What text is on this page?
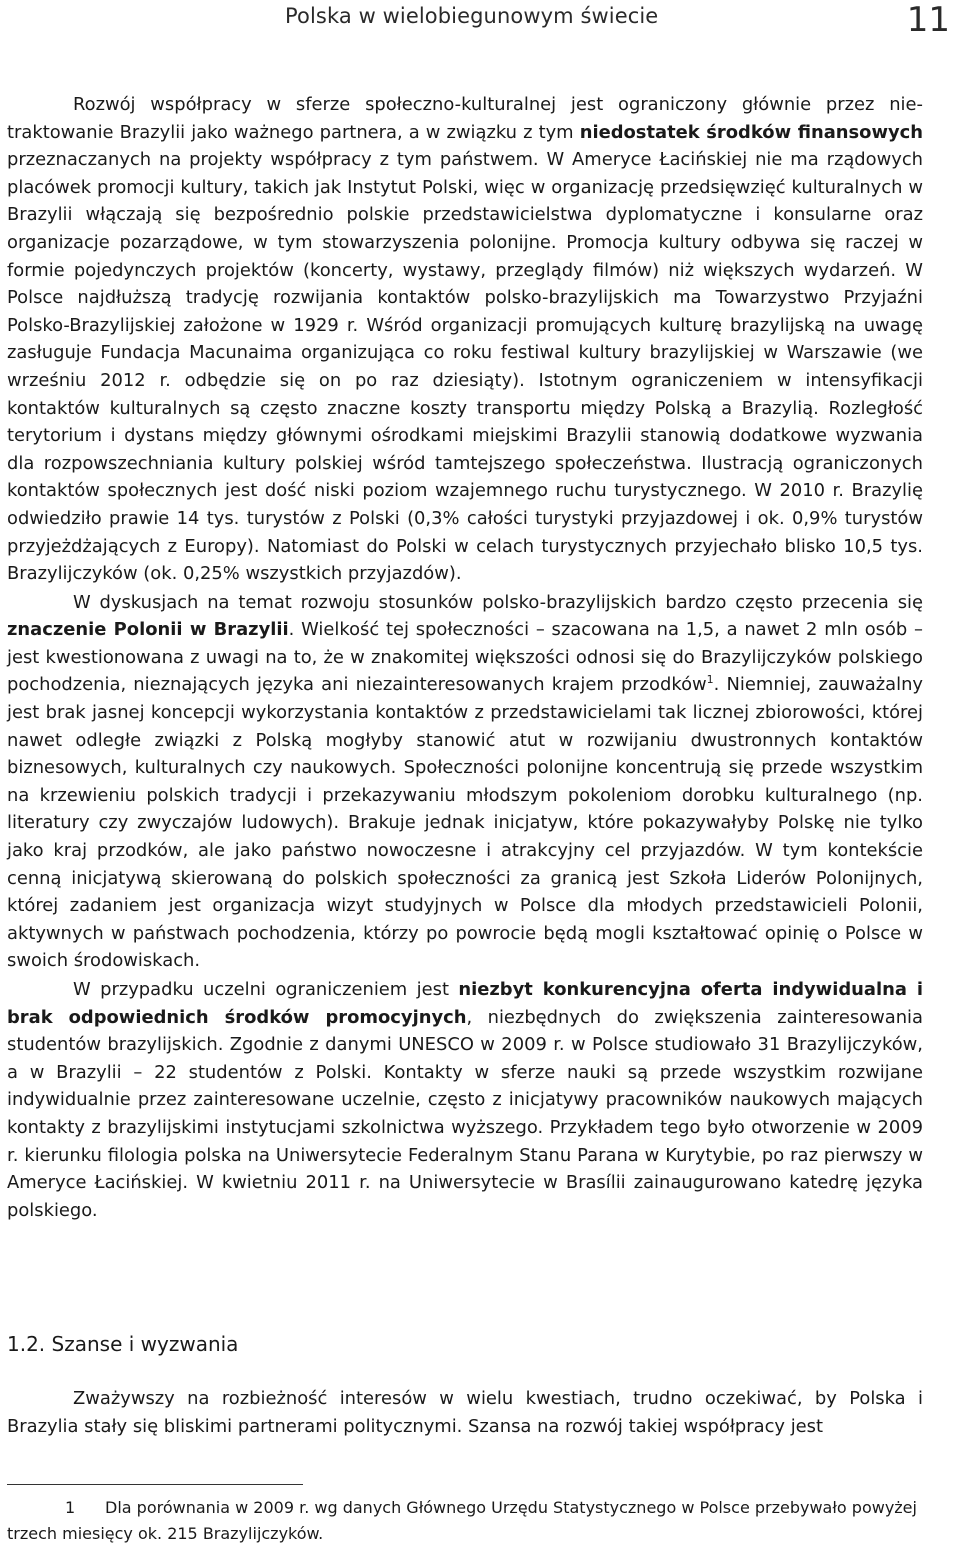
Polska w wielobiegunowym świecie	11

Rozwój współpracy w sferze społeczno-kulturalnej jest ograniczony głównie przez nietraktowanie Brazylii jako ważnego partnera, a w związku z tym niedostatek środków finansowych przeznaczanych na projekty współpracy z tym państwem. W Ameryce Łacińskiej nie ma rządowych placówek promocji kultury, takich jak Instytut Polski, więc w organizację przedsięwzięć kulturalnych w Brazylii włączają się bezpośrednio polskie przedstawicielstwa dyplomatyczne i konsularne oraz organizacje pozarządowe, w tym stowarzyszenia polonijne. Promocja kultury odbywa się raczej w formie pojedynczych projektów (koncerty, wystawy, przeglądy filmów) niż większych wydarzeń. W Polsce najdłuższą tradycję rozwijania kontaktów polsko-brazylijskich ma Towarzystwo Przyjaźni Polsko-Brazylijskiej założone w 1929 r. Wśród organizacji promujących kulturę brazylijską na uwagę zasługuje Fundacja Macunaima organizująca co roku festiwal kultury brazylijskiej w Warszawie (we wrześniu 2012 r. odbędzie się on po raz dziesiąty). Istotnym ograniczeniem w intensyfikacji kontaktów kulturalnych są często znaczne koszty transportu między Polską a Brazylią. Rozległość terytorium i dystans między głównymi ośrodkami miejskimi Brazylii stanowią dodatkowe wyzwania dla rozpowszechniania kultury polskiej wśród tamtejszego społeczeństwa. Ilustracją ograniczonych kontaktów społecznych jest dość niski poziom wzajemnego ruchu turystycznego. W 2010 r. Brazylię odwiedziło prawie 14 tys. turystów z Polski (0,3% całości turystyki przyjazdowej i ok. 0,9% turystów przyjeżdżających z Europy). Natomiast do Polski w celach turystycznych przyjechało blisko 10,5 tys. Brazylijczyków (ok. 0,25% wszystkich przyjazdów).

W dyskusjach na temat rozwoju stosunków polsko-brazylijskich bardzo często przecenia się znaczenie Polonii w Brazylii. Wielkość tej społeczności – szacowana na 1,5, a nawet 2 mln osób – jest kwestionowana z uwagi na to, że w znakomitej większości odnosi się do Brazylijczyków polskiego pochodzenia, nieznających języka ani niezainteresowanych krajem przodków$^1$. Niemniej, zauważalny jest brak jasnej koncepcji wykorzystania kontaktów z przedstawicielami tak licznej zbiorowości, której nawet odległe związki z Polską mogłyby stanowić atut w rozwijaniu dwustronnych kontaktów biznesowych, kulturalnych czy naukowych. Społeczności polonijne koncentrują się przede wszystkim na krzewieniu polskich tradycji i przekazywaniu młodszym pokoleniom dorobku kulturalnego (np. literatury czy zwyczajów ludowych). Brakuje jednak inicjatyw, które pokazywałyby Polskę nie tylko jako kraj przodków, ale jako państwo nowoczesne i atrakcyjny cel przyjazdów. W tym kontekście cenną inicjatywą skierowaną do polskich społeczności za granicą jest Szkoła Liderów Polonijnych, której zadaniem jest organizacja wizyt studyjnych w Polsce dla młodych przedstawicieli Polonii, aktywnych w państwach pochodzenia, którzy po powrocie będą mogli kształtować opinię o Polsce w swoich środowiskach.

W przypadku uczelni ograniczeniem jest niezbyt konkurencyjna oferta indywidualna i brak odpowiednich środków promocyjnych, niezbędnych do zwiększenia zainteresowania studentów brazylijskich. Zgodnie z danymi UNESCO w 2009 r. w Polsce studiowało 31 Brazylijczyków, a w Brazylii – 22 studentów z Polski. Kontakty w sferze nauki są przede wszystkim rozwijane indywidualnie przez zainteresowane uczelnie, często z inicjatywy pracowników naukowych mających kontakty z brazylijskimi instytucjami szkolnictwa wyższego. Przykładem tego było otworzenie w 2009 r. kierunku filologia polska na Uniwersytecie Federalnym Stanu Parana w Kurytybie, po raz pierwszy w Ameryce Łacińskiej. W kwietniu 2011 r. na Uniwersytecie w Brasílii zainaugurowano katedrę języka polskiego.

1.2. Szanse i wyzwania

Zważywszy na rozbieżność interesów w wielu kwestiach, trudno oczekiwać, by Polska i Brazylia stały się bliskimi partnerami politycznymi. Szansa na rozwój takiej współpracy jest

1 Dla porównania w 2009 r. wg danych Głównego Urzędu Statystycznego w Polsce przebywało powyżej trzech miesięcy ok. 215 Brazylijczyków.
